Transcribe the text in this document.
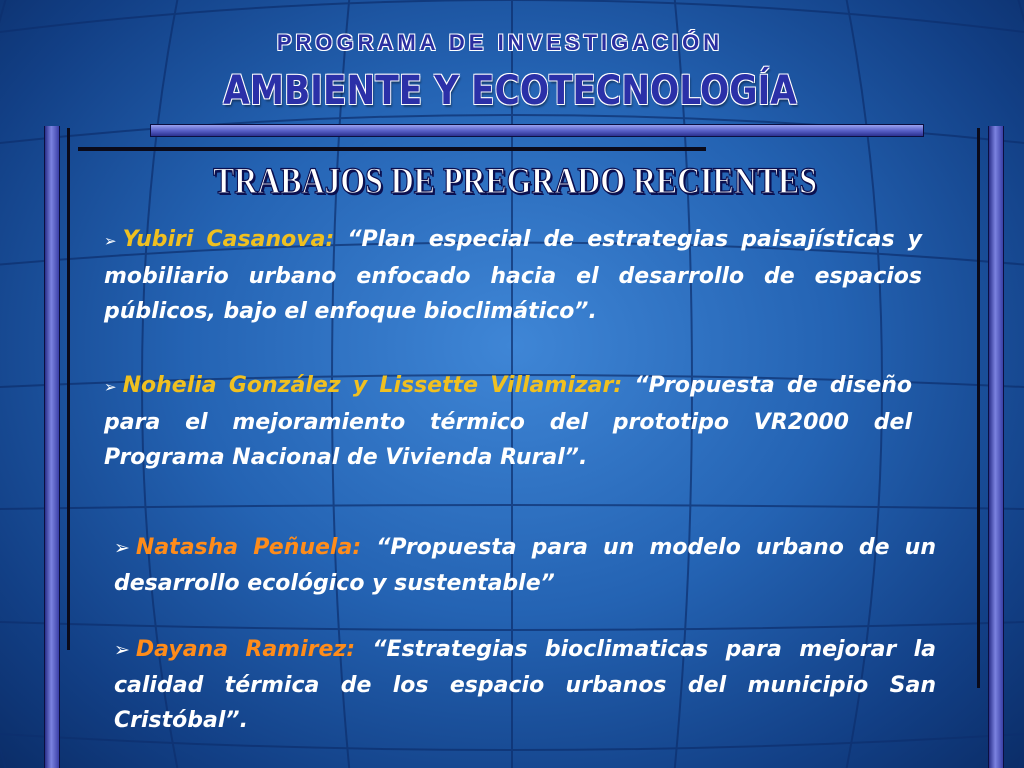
PROGRAMA DE INVESTIGACIÓN
AMBIENTE Y ECOTECNOLOGÍA
TRABAJOS DE PREGRADO RECIENTES
➢ Yubiri Casanova: “Plan especial de estrategias paisajísticas y mobiliario urbano enfocado hacia el desarrollo de espacios públicos, bajo el enfoque bioclimático”.
➢ Nohelia González y Lissette Villamizar: “Propuesta de diseño para el mejoramiento térmico del prototipo VR2000 del Programa Nacional de Vivienda Rural”.
➢ Natasha Peñuela: “Propuesta para un modelo urbano de un desarrollo ecológico y sustentable”
➢ Dayana Ramirez: “Estrategias bioclimaticas para mejorar la calidad térmica de los espacio urbanos del municipio San Cristóbal”.
